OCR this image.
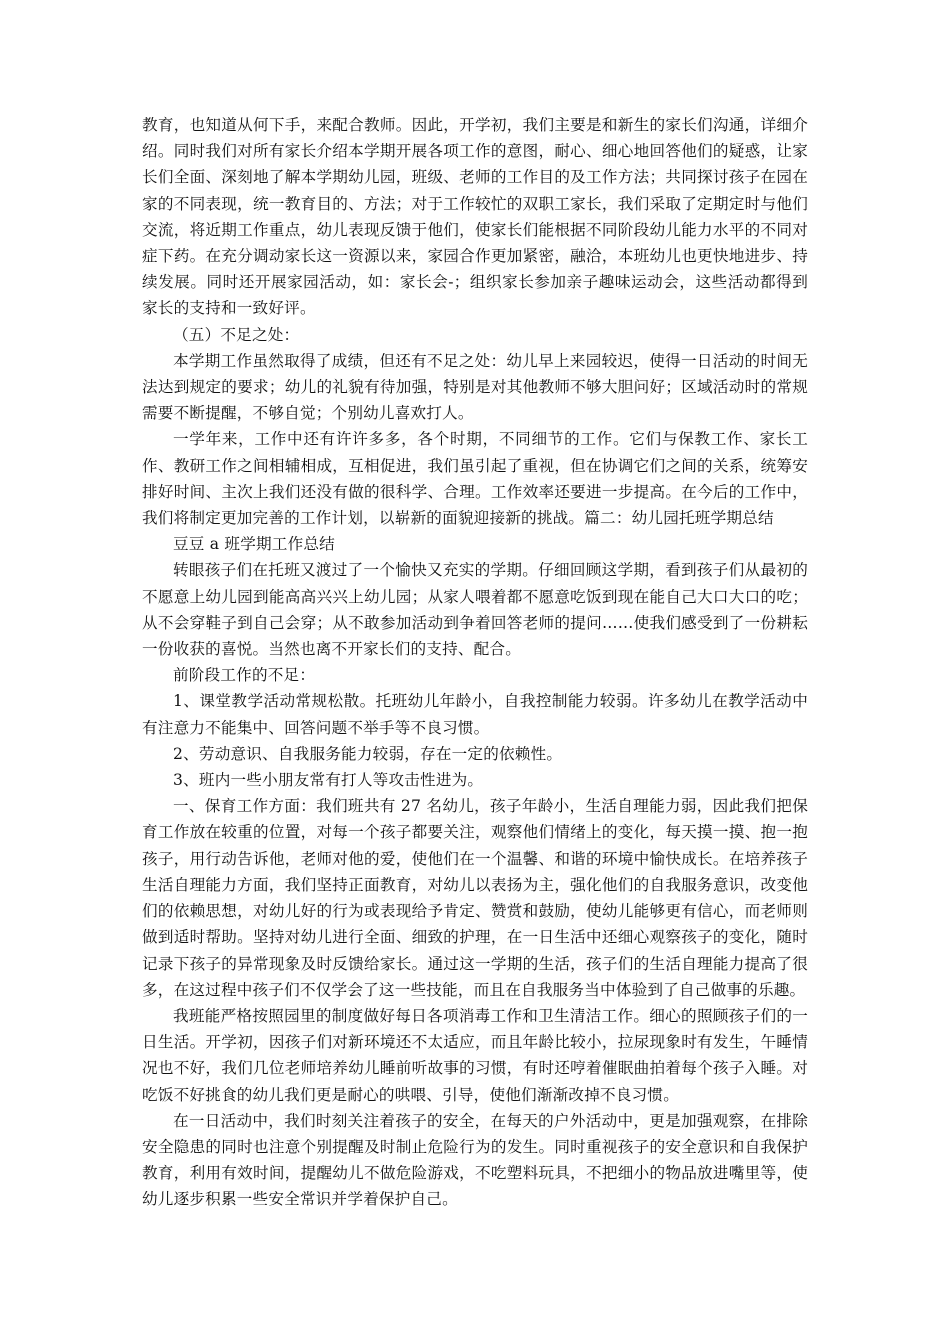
教育，也知道从何下手，来配合教师。因此，开学初，我们主要是和新生的家长们沟通，详细介绍。同时我们对所有家长介绍本学期开展各项工作的意图，耐心、细心地回答他们的疑惑，让家长们全面、深刻地了解本学期幼儿园，班级、老师的工作目的及工作方法；共同探讨孩子在园在家的不同表现，统一教育目的、方法；对于工作较忙的双职工家长，我们采取了定期定时与他们交流，将近期工作重点，幼儿表现反馈于他们，使家长们能根据不同阶段幼儿能力水平的不同对症下药。在充分调动家长这一资源以来，家园合作更加紧密，融洽，本班幼儿也更快地进步、持续发展。同时还开展家园活动，如：家长会-；组织家长参加亲子趣味运动会，这些活动都得到家长的支持和一致好评。

（五）不足之处：

本学期工作虽然取得了成绩，但还有不足之处：幼儿早上来园较迟，使得一日活动的时间无法达到规定的要求；幼儿的礼貌有待加强，特别是对其他教师不够大胆问好；区域活动时的常规需要不断提醒，不够自觉；个别幼儿喜欢打人。

一学年来，工作中还有许许多多，各个时期，不同细节的工作。它们与保教工作、家长工作、教研工作之间相辅相成，互相促进，我们虽引起了重视，但在协调它们之间的关系，统筹安排好时间、主次上我们还没有做的很科学、合理。工作效率还要进一步提高。在今后的工作中，我们将制定更加完善的工作计划，以崭新的面貌迎接新的挑战。篇二：幼儿园托班学期总结

豆豆 a 班学期工作总结

转眼孩子们在托班又渡过了一个愉快又充实的学期。仔细回顾这学期，看到孩子们从最初的不愿意上幼儿园到能高高兴兴上幼儿园；从家人喂着都不愿意吃饭到现在能自己大口大口的吃；从不会穿鞋子到自己会穿；从不敢参加活动到争着回答老师的提问……使我们感受到了一份耕耘一份收获的喜悦。当然也离不开家长们的支持、配合。

前阶段工作的不足：

1、课堂教学活动常规松散。托班幼儿年龄小，自我控制能力较弱。许多幼儿在教学活动中有注意力不能集中、回答问题不举手等不良习惯。

2、劳动意识、自我服务能力较弱，存在一定的依赖性。

3、班内一些小朋友常有打人等攻击性进为。

一、保育工作方面：我们班共有 27 名幼儿，孩子年龄小，生活自理能力弱，因此我们把保育工作放在较重的位置，对每一个孩子都要关注，观察他们情绪上的变化，每天摸一摸、抱一抱孩子，用行动告诉他，老师对他的爱，使他们在一个温馨、和谐的环境中愉快成长。在培养孩子生活自理能力方面，我们坚持正面教育，对幼儿以表扬为主，强化他们的自我服务意识，改变他们的依赖思想，对幼儿好的行为或表现给予肯定、赞赏和鼓励，使幼儿能够更有信心，而老师则做到适时帮助。坚持对幼儿进行全面、细致的护理，在一日生活中还细心观察孩子的变化，随时记录下孩子的异常现象及时反馈给家长。通过这一学期的生活，孩子们的生活自理能力提高了很多，在这过程中孩子们不仅学会了这一些技能，而且在自我服务当中体验到了自己做事的乐趣。

我班能严格按照园里的制度做好每日各项消毒工作和卫生清洁工作。细心的照顾孩子们的一日生活。开学初，因孩子们对新环境还不太适应，而且年龄比较小，拉尿现象时有发生，午睡情况也不好，我们几位老师培养幼儿睡前听故事的习惯，有时还哼着催眠曲拍着每个孩子入睡。对吃饭不好挑食的幼儿我们更是耐心的哄喂、引导，使他们渐渐改掉不良习惯。

在一日活动中，我们时刻关注着孩子的安全，在每天的户外活动中，更是加强观察，在排除安全隐患的同时也注意个别提醒及时制止危险行为的发生。同时重视孩子的安全意识和自我保护教育，利用有效时间，提醒幼儿不做危险游戏，不吃塑料玩具，不把细小的物品放进嘴里等，使幼儿逐步积累一些安全常识并学着保护自己。
